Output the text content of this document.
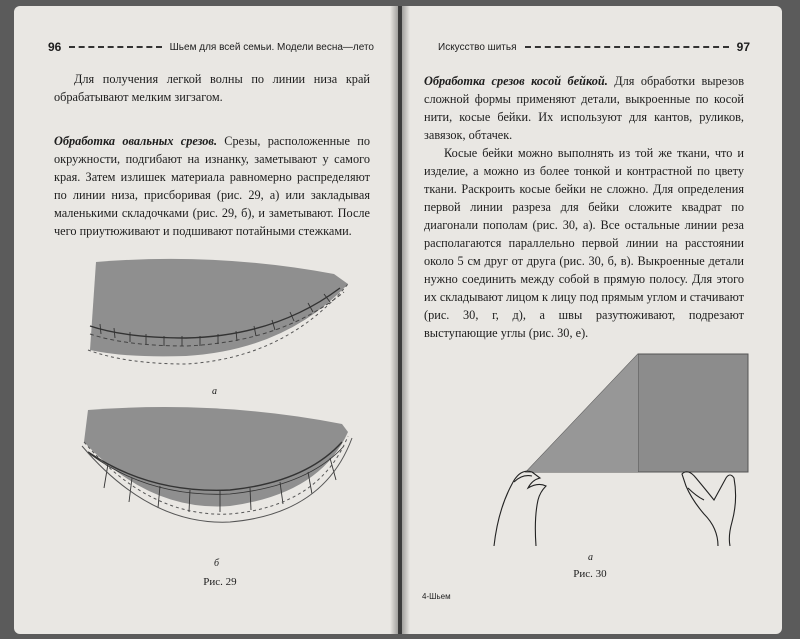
96	Шьем для всей семьи. Модели весна—лето

Для получения легкой волны по линии низа край обрабатывают мелким зигзагом.

Обработка овальных срезов. Срезы, расположенные по окружности, подгибают на изнанку, заметывают у самого края. Затем излишек материала равномерно распределяют по линии низа, присборивая (рис. 29, а) или закладывая маленькими складочками (рис. 29, б), и заметывают. После чего приутюживают и подшивают потайными стежками.

а
б
Рис. 29
Искусство шитья	97

Обработка срезов косой бейкой. Для обработки вырезов сложной формы применяют детали, выкроенные по косой нити, косые бейки. Их используют для кантов, руликов, завязок, обтачек.

Косые бейки можно выполнять из той же ткани, что и изделие, а можно из более тонкой и контрастной по цвету ткани. Раскроить косые бейки не сложно. Для определения первой линии разреза для бейки сложите квадрат по диагонали пополам (рис. 30, а). Все остальные линии реза располагаются параллельно первой линии на расстоянии около 5 см друг от друга (рис. 30, б, в). Выкроенные детали нужно соединить между собой в прямую полосу. Для этого их складывают лицом к лицу под прямым углом и стачивают (рис. 30, г, д), а швы разутюживают, подрезают выступающие углы (рис. 30, е).

а
Рис. 30
4-Шьем
